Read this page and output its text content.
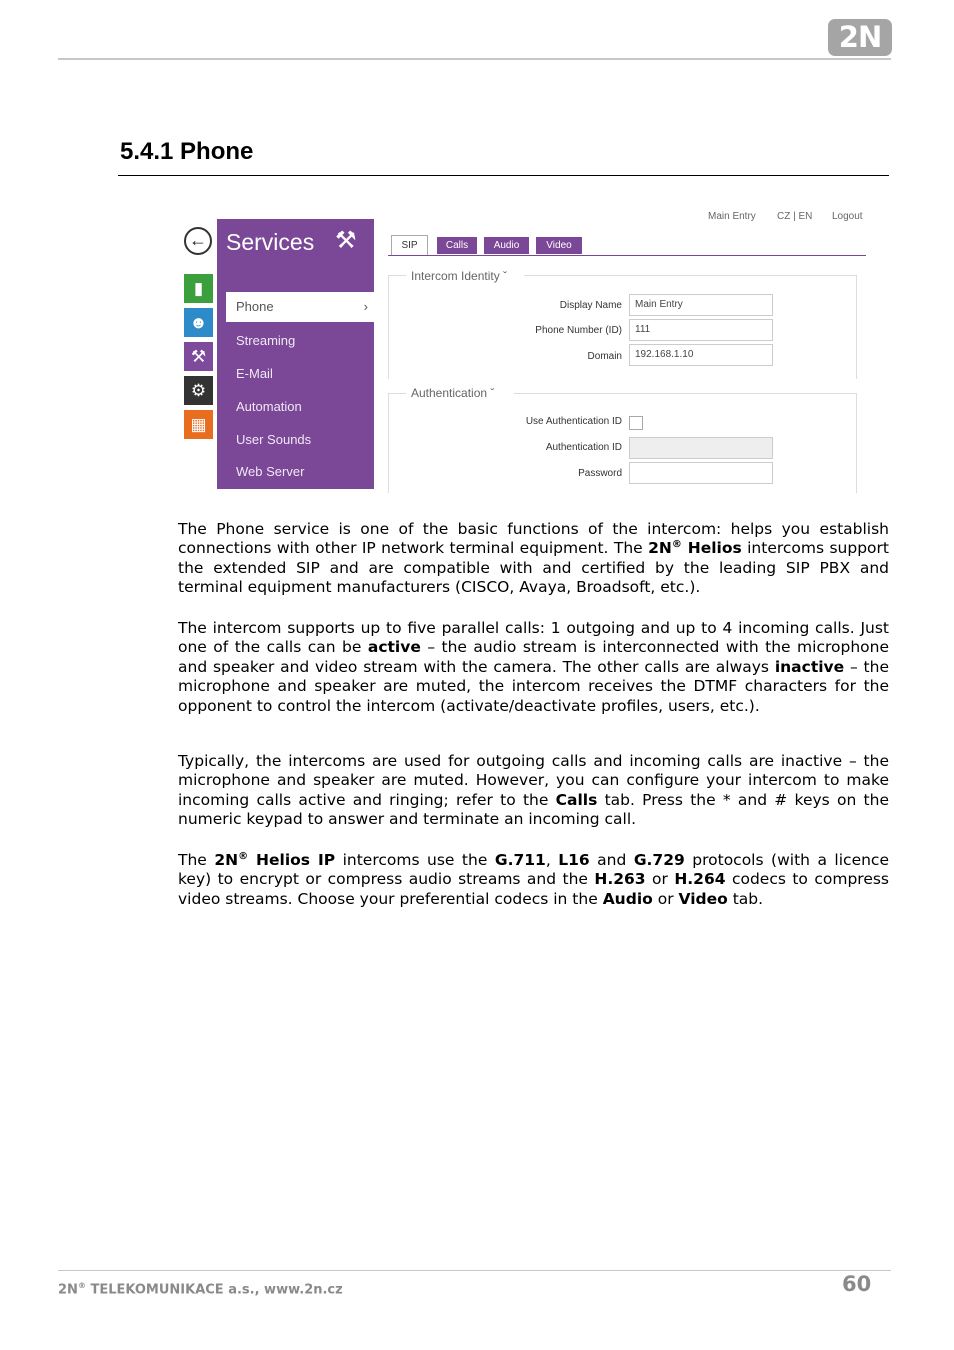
2N
5.4.1 Phone
←
▮
☻
⚒
⚙
▦
Services ⚒
Phone	›
Streaming
E-Mail
Automation
User Sounds
Web Server
Main Entry CZ | EN Logout
SIP	Calls	Audio	Video
Intercom Identity ˇ
Display Name	Main Entry
Phone Number (ID)	111
Domain	192.168.1.10
Authentication ˇ
Use Authentication ID
Authentication ID
Password

The Phone service is one of the basic functions of the intercom: helps you establish connections with other IP network terminal equipment. The 2N® Helios intercoms support the extended SIP and are compatible with and certified by the leading SIP PBX and terminal equipment manufacturers (CISCO, Avaya, Broadsoft, etc.).

The intercom supports up to five parallel calls: 1 outgoing and up to 4 incoming calls. Just one of the calls can be active – the audio stream is interconnected with the microphone and speaker and video stream with the camera. The other calls are always inactive – the microphone and speaker are muted, the intercom receives the DTMF characters for the opponent to control the intercom (activate/deactivate profiles, users, etc.).

Typically, the intercoms are used for outgoing calls and incoming calls are inactive – the microphone and speaker are muted. However, you can configure your intercom to make incoming calls active and ringing; refer to the Calls tab. Press the * and # keys on the numeric keypad to answer and terminate an incoming call.

The 2N® Helios IP intercoms use the G.711, L16 and G.729 protocols (with a licence key) to encrypt or compress audio streams and the H.263 or H.264 codecs to compress video streams. Choose your preferential codecs in the Audio or Video tab.

2N® TELEKOMUNIKACE a.s., www.2n.cz	60
